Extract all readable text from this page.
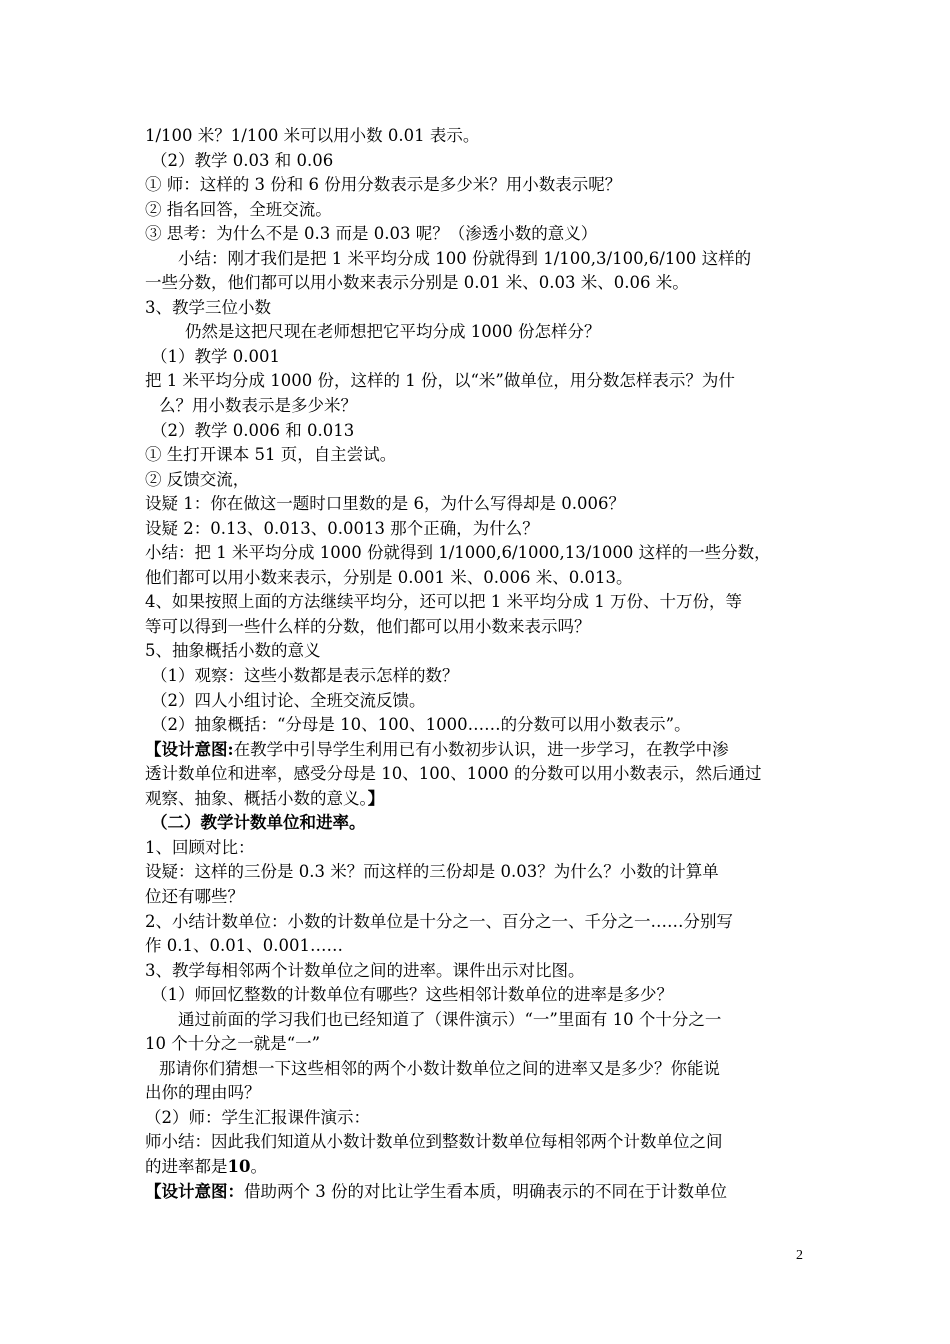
1/100 米？1/100 米可以用小数 0.01 表示。
（2）教学 0.03 和 0.06
① 师：这样的 3 份和 6 份用分数表示是多少米？用小数表示呢？
② 指名回答，全班交流。
③ 思考：为什么不是 0.3 而是 0.03 呢？（渗透小数的意义）
小结：刚才我们是把 1 米平均分成 100 份就得到 1/100,3/100,6/100 这样的
一些分数，他们都可以用小数来表示分别是 0.01 米、0.03 米、0.06 米。
3、教学三位小数
仍然是这把尺现在老师想把它平均分成 1000 份怎样分？
（1）教学 0.001
把 1 米平均分成 1000 份，这样的 1 份，以“米”做单位，用分数怎样表示？为什
么？用小数表示是多少米？
（2）教学 0.006 和 0.013
① 生打开课本 51 页，自主尝试。
② 反馈交流，
设疑 1：你在做这一题时口里数的是 6，为什么写得却是 0.006？
设疑 2：0.13、0.013、0.0013 那个正确，为什么？
小结：把 1 米平均分成 1000 份就得到 1/1000,6/1000,13/1000 这样的一些分数，
他们都可以用小数来表示，分别是 0.001 米、0.006 米、0.013。
4、如果按照上面的方法继续平均分，还可以把 1 米平均分成 1 万份、十万份，等
等可以得到一些什么样的分数，他们都可以用小数来表示吗？
5、抽象概括小数的意义
（1）观察：这些小数都是表示怎样的数？
（2）四人小组讨论、全班交流反馈。
（2）抽象概括：“分母是 10、100、1000……的分数可以用小数表示”。
【设计意图:在教学中引导学生利用已有小数初步认识，进一步学习，在教学中渗
透计数单位和进率，感受分母是 10、100、1000 的分数可以用小数表示，然后通过
观察、抽象、概括小数的意义。】
（二）教学计数单位和进率。
1、回顾对比：
设疑：这样的三份是 0.3 米？而这样的三份却是 0.03？为什么？小数的计算单
位还有哪些？
2、小结计数单位：小数的计数单位是十分之一、百分之一、千分之一……分别写
作 0.1、0.01、0.001……
3、教学每相邻两个计数单位之间的进率。课件出示对比图。
（1）师回忆整数的计数单位有哪些？这些相邻计数单位的进率是多少？
通过前面的学习我们也已经知道了（课件演示）“一”里面有 10 个十分之一
10 个十分之一就是“一”
那请你们猜想一下这些相邻的两个小数计数单位之间的进率又是多少？你能说
出你的理由吗？
（2）师：学生汇报课件演示：
师小结：因此我们知道从小数计数单位到整数计数单位每相邻两个计数单位之间
的进率都是10。
【设计意图：借助两个 3 份的对比让学生看本质，明确表示的不同在于计数单位
2
